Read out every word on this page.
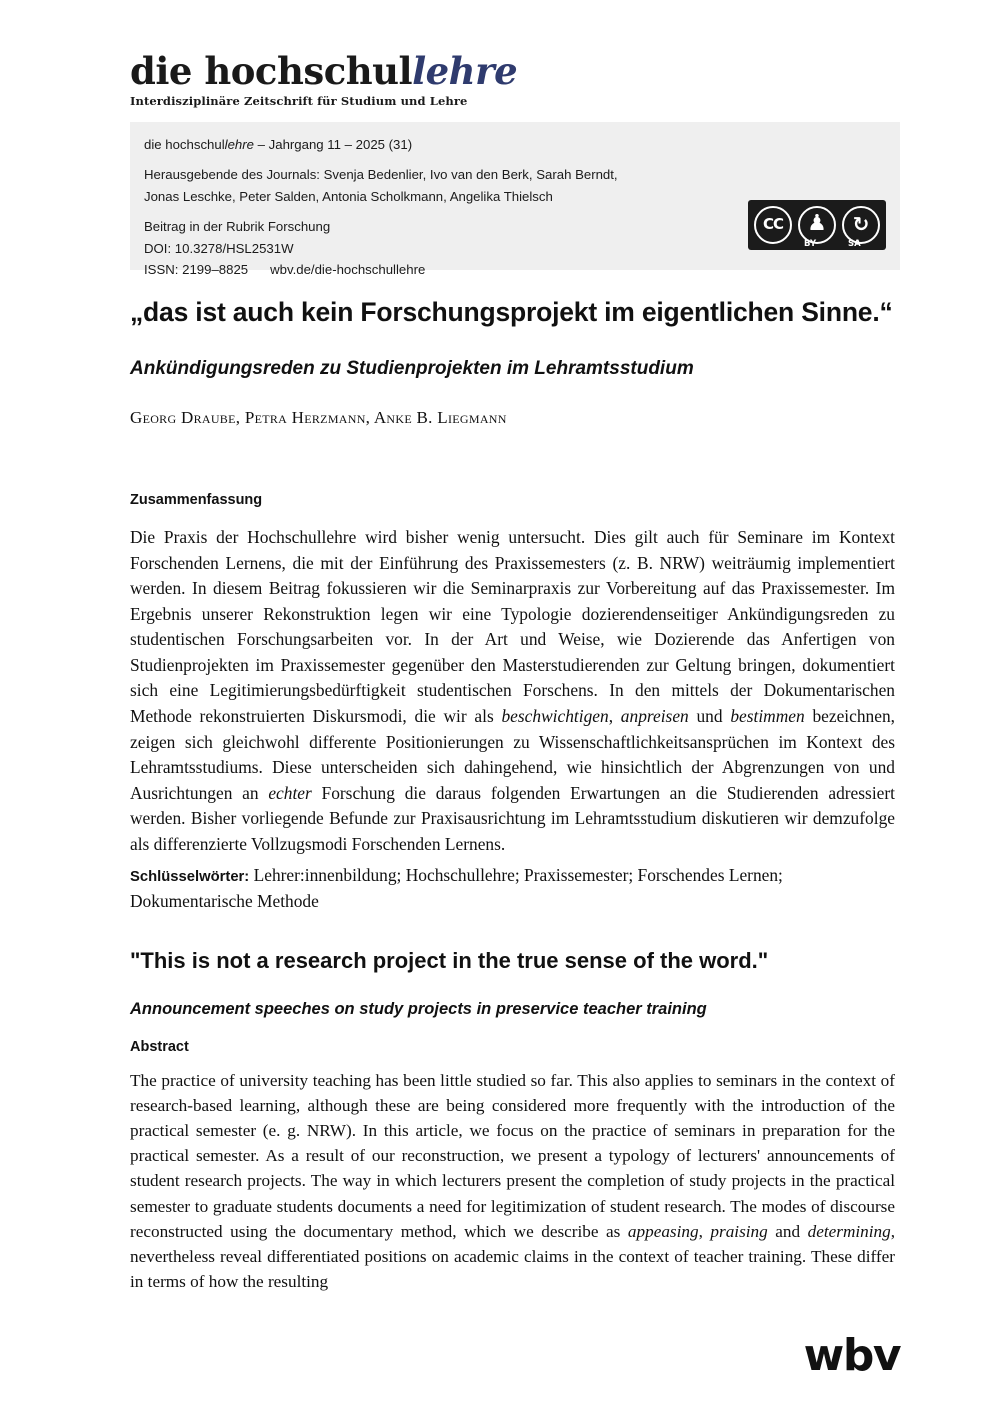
die hochschullehre
Interdisziplinäre Zeitschrift für Studium und Lehre
die hochschullehre – Jahrgang 11 – 2025 (31)
Herausgebende des Journals: Svenja Bedenlier, Ivo van den Berk, Sarah Berndt,
Jonas Leschke, Peter Salden, Antonia Scholkmann, Angelika Thielsch
Beitrag in der Rubrik Forschung
DOI: 10.3278/HSL2531W
ISSN: 2199–8825 wbv.de/die-hochschullehre
CC	♟	↻
BY	SA
„das ist auch kein Forschungsprojekt im eigentlichen Sinne.“
Ankündigungsreden zu Studienprojekten im Lehramtsstudium
Georg Draube, Petra Herzmann, Anke B. Liegmann
Zusammenfassung
Die Praxis der Hochschullehre wird bisher wenig untersucht. Dies gilt auch für Seminare im Kontext Forschenden Lernens, die mit der Einführung des Praxissemesters (z. B. NRW) weiträumig implementiert werden. In diesem Beitrag fokussieren wir die Seminarpraxis zur Vorbereitung auf das Praxissemester. Im Ergebnis unserer Rekonstruktion legen wir eine Typologie dozierendenseitiger Ankündigungsreden zu studentischen Forschungsarbeiten vor. In der Art und Weise, wie Dozierende das Anfertigen von Studienprojekten im Praxissemester gegenüber den Masterstudierenden zur Geltung bringen, dokumentiert sich eine Legitimierungsbedürftigkeit studentischen Forschens. In den mittels der Dokumentarischen Methode rekonstruierten Diskursmodi, die wir als beschwichtigen, anpreisen und bestimmen bezeichnen, zeigen sich gleichwohl differente Positionierungen zu Wissenschaftlichkeitsansprüchen im Kontext des Lehramtsstudiums. Diese unterscheiden sich dahingehend, wie hinsichtlich der Abgrenzungen von und Ausrichtungen an echter Forschung die daraus folgenden Erwartungen an die Studierenden adressiert werden. Bisher vorliegende Befunde zur Praxisausrichtung im Lehramtsstudium diskutieren wir demzufolge als differenzierte Vollzugsmodi Forschenden Lernens.
Schlüsselwörter: Lehrer:innenbildung; Hochschullehre; Praxissemester; Forschendes Lernen; Dokumentarische Methode
"This is not a research project in the true sense of the word."
Announcement speeches on study projects in preservice teacher training
Abstract
The practice of university teaching has been little studied so far. This also applies to seminars in the context of research-based learning, although these are being considered more frequently with the introduction of the practical semester (e. g. NRW). In this article, we focus on the practice of seminars in preparation for the practical semester. As a result of our reconstruction, we present a typology of lecturers' announcements of student research projects. The way in which lecturers present the completion of study projects in the practical semester to graduate students documents a need for legitimization of student research. The modes of discourse reconstructed using the documentary method, which we describe as appeasing, praising and determining, nevertheless reveal differentiated positions on academic claims in the context of teacher training. These differ in terms of how the resulting
wbv
